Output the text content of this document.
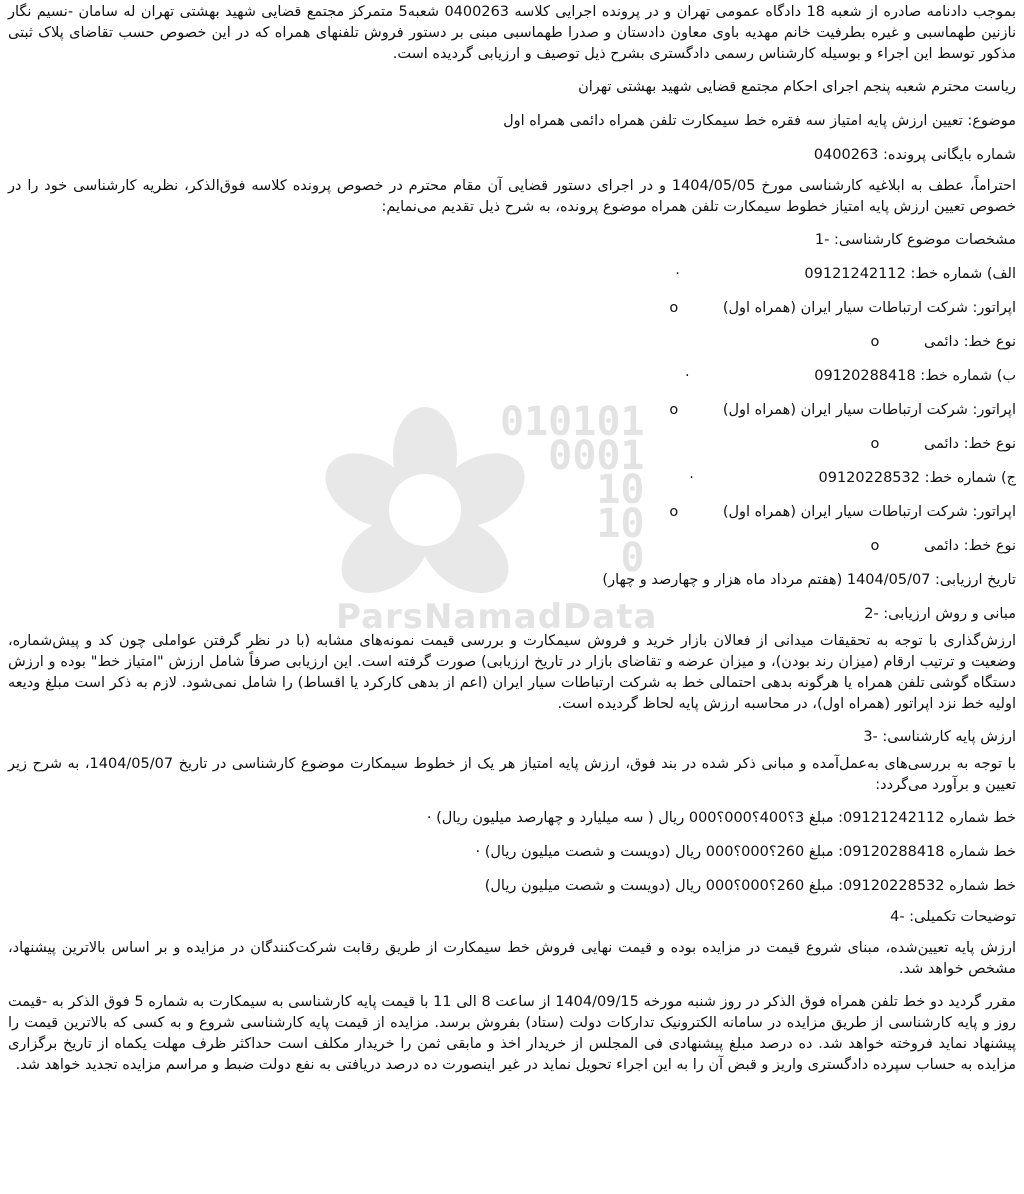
010101
0001
10
10
0
ParsNamadData

بموجب دادنامه صادره از شعبه 18 دادگاه عمومی تهران و در پرونده اجرایی کلاسه 0400263 شعبه5 متمرکز مجتمع قضایی شهید بهشتی تهران له سامان -نسیم نگار نازنین طهماسبی و غیره بطرفیت خانم مهدیه باوی معاون دادستان و صدرا طهماسبی مبنی بر دستور فروش تلفنهای همراه که در این خصوص حسب تقاضای پلاک ثبتی مذکور توسط این اجراء و بوسیله کارشناس رسمی دادگستری بشرح ذیل توصیف و ارزیابی گردیده است.

ریاست محترم شعبه پنجم اجرای احکام مجتمع قضایی شهید بهشتی تهران

موضوع: تعیین ارزش پایه امتیاز سه فقره خط سیمکارت تلفن همراه دائمی همراه اول

شماره بایگانی پرونده: 0400263

احتراماً، عطف به ابلاغیه کارشناسی مورخ 1404/05/05 و در اجرای دستور قضایی آن مقام محترم در خصوص پرونده کلاسه فوق‌الذکر، نظریه کارشناسی خود را در خصوص تعیین ارزش پایه امتیاز خطوط سیمکارت تلفن همراه موضوع پرونده، به شرح ذیل تقدیم می‌نمایم:

مشخصات موضوع کارشناسی: -1

الف) شماره خط: 09121242112 ·
اپراتور: شرکت ارتباطات سیار ایران (همراه اول) o
نوع خط: دائمی o
ب) شماره خط: 09120288418 ·
اپراتور: شرکت ارتباطات سیار ایران (همراه اول) o
نوع خط: دائمی o
ج) شماره خط: 09120228532 ·
اپراتور: شرکت ارتباطات سیار ایران (همراه اول) o
نوع خط: دائمی o

تاریخ ارزیابی: 1404/05/07 (هفتم مرداد ماه هزار و چهارصد و چهار)

مبانی و روش ارزیابی: -2

ارزش‌گذاری با توجه به تحقیقات میدانی از فعالان بازار خرید و فروش سیمکارت و بررسی قیمت نمونه‌های مشابه (با در نظر گرفتن عواملی چون کد و پیش‌شماره، وضعیت و ترتیب ارقام (میزان رند بودن)، و میزان عرضه و تقاضای بازار در تاریخ ارزیابی) صورت گرفته است. این ارزیابی صرفاً شامل ارزش "امتیاز خط" بوده و ارزش دستگاه گوشی تلفن همراه یا هرگونه بدهی احتمالی خط به شرکت ارتباطات سیار ایران (اعم از بدهی کارکرد یا اقساط) را شامل نمی‌شود. لازم به ذکر است مبلغ ودیعه اولیه خط نزد اپراتور (همراه اول)، در محاسبه ارزش پایه لحاظ گردیده است.

ارزش پایه کارشناسی: -3

با توجه به بررسی‌های به‌عمل‌آمده و مبانی ذکر شده در بند فوق، ارزش پایه امتیاز هر یک از خطوط سیمکارت موضوع کارشناسی در تاریخ 1404/05/07، به شرح زیر تعیین و برآورد می‌گردد:

خط شماره 09121242112: مبلغ 3؟400؟000؟000 ریال ( سه میلیارد و چهارصد میلیون ریال) ·

خط شماره 09120288418: مبلغ 260؟000؟000 ریال (دویست و شصت میلیون ریال) ·

خط شماره 09120228532: مبلغ 260؟000؟000 ریال (دویست و شصت میلیون ریال)

توضیحات تکمیلی: -4

ارزش پایه تعیین‌شده، مبنای شروع قیمت در مزایده بوده و قیمت نهایی فروش خط سیمکارت از طریق رقابت شرکت‌کنندگان در مزایده و بر اساس بالاترین پیشنهاد، مشخص خواهد شد.

مقرر گردید دو خط تلفن همراه فوق الذکر در روز شنبه مورخه 1404/09/15 از ساعت 8 الی 11 با قیمت پایه کارشناسی به سیمکارت به شماره 5 فوق الذکر به -قیمت روز و پایه کارشناسی از طریق مزایده در سامانه الکترونیک تدارکات دولت (ستاد) بفروش برسد. مزایده از قیمت پایه کارشناسی شروع و به کسی که بالاترین قیمت را پیشنهاد نماید فروخته خواهد شد. ده درصد مبلغ پیشنهادی فی المجلس از خریدار اخذ و مابقی ثمن را خریدار مکلف است حداکثر ظرف مهلت یکماه از تاریخ برگزاری مزایده به حساب سپرده دادگستری واریز و قبض آن را به این اجراء تحویل نماید در غیر اینصورت ده درصد دریافتی به نفع دولت ضبط و مراسم مزایده تجدید خواهد شد.
